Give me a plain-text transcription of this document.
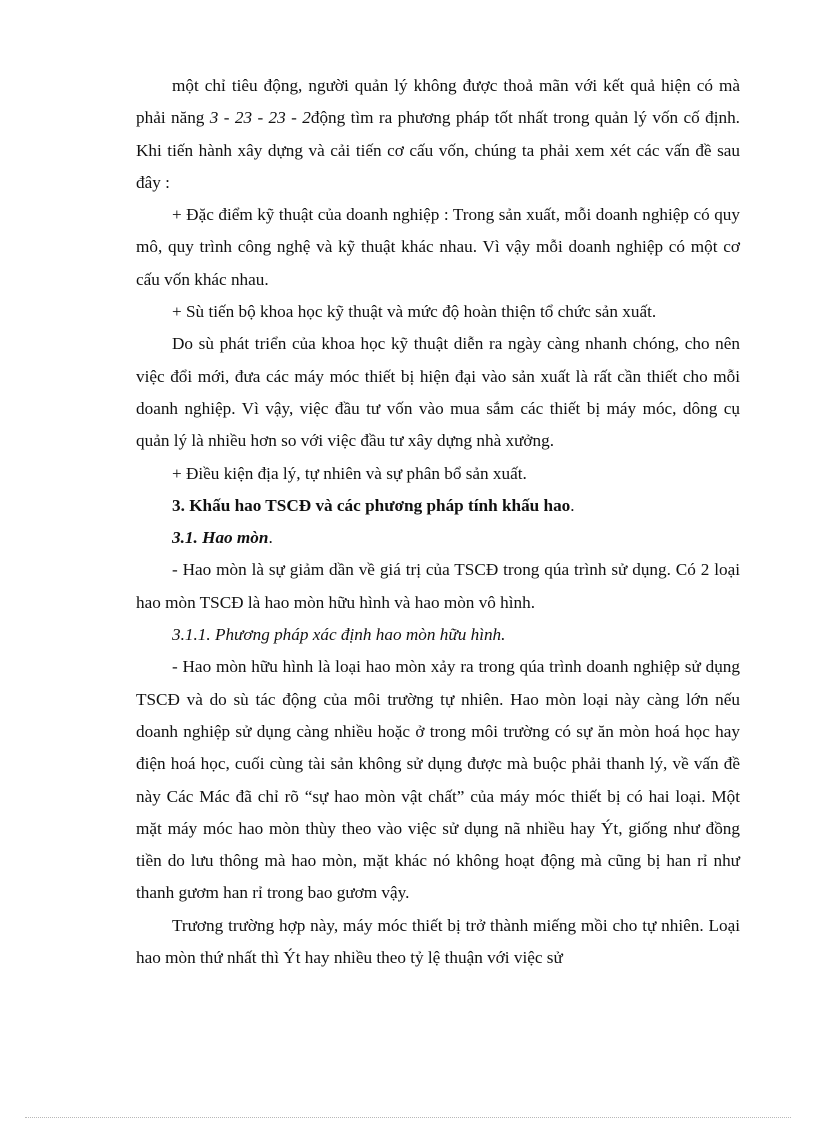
một chỉ tiêu động, người quản lý không được thoả mãn với kết quả hiện có mà phải năng 3 - 23 - 23 - 2động tìm ra phương pháp tốt nhất trong quản lý vốn cố định. Khi tiến hành xây dựng và cải tiến cơ cấu vốn, chúng ta phải xem xét các vấn đề sau đây :

+ Đặc điểm kỹ thuật của doanh nghiệp : Trong sản xuất, mỗi doanh nghiệp có quy mô, quy trình công nghệ và kỹ thuật khác nhau. Vì vậy mỗi doanh nghiệp có một cơ cấu vốn khác nhau.

+ Sù tiến bộ khoa học kỹ thuật và mức độ hoàn thiện tổ chức sản xuất.

Do sù phát triển của khoa học kỹ thuật diễn ra ngày càng nhanh chóng, cho nên việc đổi mới, đưa các máy móc thiết bị hiện đại vào sản xuất là rất cần thiết cho mỗi doanh nghiệp. Vì vậy, việc đầu tư vốn vào mua sắm các thiết bị máy móc, dông cụ quản lý là nhiều hơn so với việc đầu tư xây dựng nhà xưởng.

+ Điều kiện địa lý, tự nhiên và sự phân bổ sản xuất.

3. Khấu hao TSCĐ và các phương pháp tính khấu hao.

3.1. Hao mòn.

- Hao mòn là sự giảm dần về giá trị của TSCĐ trong qúa trình sử dụng. Có 2 loại hao mòn TSCĐ là hao mòn hữu hình và hao mòn vô hình.

3.1.1. Phương pháp xác định hao mòn hữu hình.

- Hao mòn hữu hình là loại hao mòn xảy ra trong qúa trình doanh nghiệp sử dụng TSCĐ và do sù tác động của môi trường tự nhiên. Hao mòn loại này càng lớn nếu doanh nghiệp sử dụng càng nhiều hoặc ở trong môi trường có sự ăn mòn hoá học hay điện hoá học, cuối cùng tài sản không sử dụng được mà buộc phải thanh lý, về vấn đề này Các Mác đã chỉ rõ “sự hao mòn vật chất” của máy móc thiết bị có hai loại. Một mặt máy móc hao mòn thùy theo vào việc sử dụng nã nhiều hay Ýt, giống như đồng tiền do lưu thông mà hao mòn, mặt khác nó không hoạt động mà cũng bị han rỉ như thanh gươm han rỉ trong bao gươm vậy.

Trương trường hợp này, máy móc thiết bị trở thành miếng mồi cho tự nhiên. Loại hao mòn thứ nhất thì Ýt hay nhiều theo tỷ lệ thuận với việc sử
